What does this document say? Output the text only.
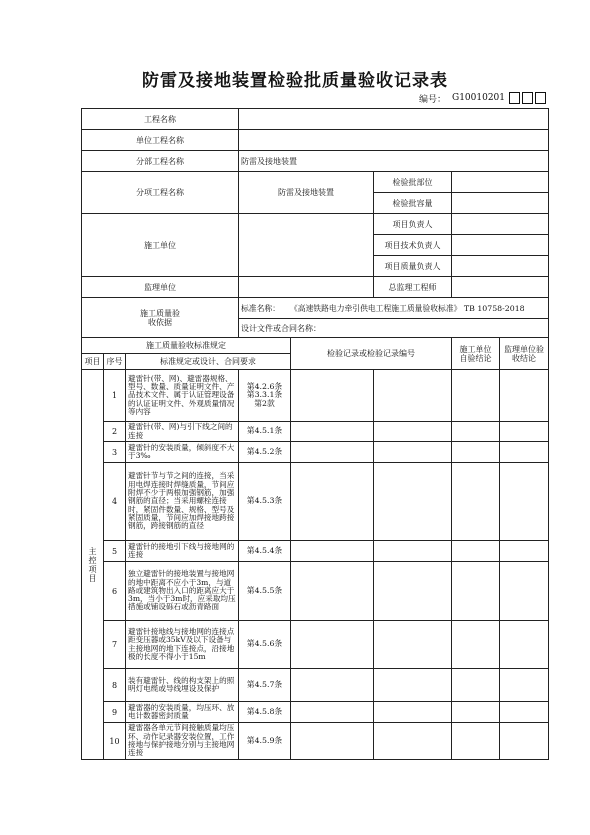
防雷及接地装置检验批质量验收记录表
编号： G10010201
工程名称							
单位工程名称							
分部工程名称			防雷及接地装置				
分项工程名称			防雷及接地装置		检验批部位		
					检验批容量		
施工单位					项目负责人		
					项目技术负责人		
					项目质量负责人		
监理单位					总监理工程师		

施工质量验收依据			标准名称： 《高速铁路电力牵引供电工程施工质量验收标准》 TB 10758-2018				
			设计文件或合同名称：				
施工质量验收标准规定				检验记录或检验记录编号		施工单位自验结论	监理单位验收结论

项目	序号	标准规定或设计、合同要求					

主控项目	1	避雷针(带、网)、避雷器规格、型号、数量、质量证明文件、产品技术文件、属于认证管理设备的认证证明文件、外观质量情况等内容	第4.2.6条
第3.3.1条
第2款				
	2	避雷针(带、网)与引下线之间的连接	第4.5.1条				
	3	避雷针的安装质量，倾斜度不大于3‰	第4.5.2条				
	4	避雷针节与节之间的连接，当采用电焊连接时焊缝质量，节间应附焊不少于两根加强钢筋，加强钢筋的直径；当采用螺栓连接时，紧固件数量、规格、型号及紧固质量，节间应加焊接地跨接钢筋，跨接钢筋的直径	第4.5.3条				
	5	避雷针的接地引下线与接地网的连接	第4.5.4条				
	6	独立避雷针的接地装置与接地网的地中距离不应小于3m，与道路或建筑物出入口的距离应大于3m，当小于3m时，应采取均压措施或铺设砾石或沥青路面	第4.5.5条				
	7	避雷针接地线与接地网的连接点距变压器或35kV及以下设备与主接地网的地下连接点，沿接地极的长度不得小于15m	第4.5.6条				
	8	装有避雷针、线的构支架上的照明灯电缆或导线埋设及保护	第4.5.7条				
	9	避雷器的安装质量，均压环、放电计数器密封质量	第4.5.8条				
	10	避雷器各单元节间接触质量均压环、动作记录器安装位置，工作接地与保护接地分别与主接地网连接	第4.5.9条				
